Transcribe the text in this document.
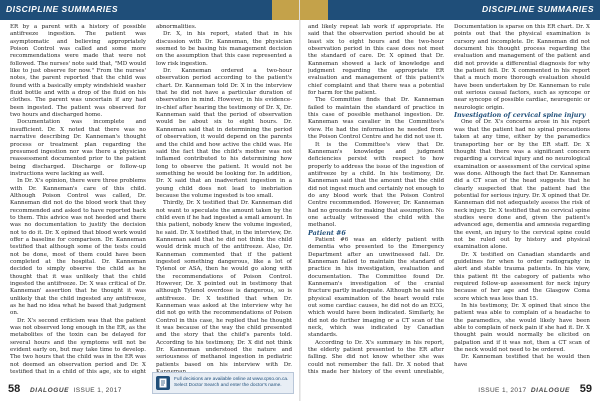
DISCIPLINE SUMMARIES

ER by a parent with a history of possible antifreeze ingestion. The patient was asymptomatic and believing appropriately Poison Control was called and some more recommendations were made that were not followed. The nurses' note said that, "MD would like to just observe for now." From the nurses' notes, the parent reported that the child was found with a basically empty windshield washer fluid bottle and with a drop of the fluid on his clothes. The parent was uncertain if any had been ingested. The patient was observed for two hours and discharged home.

Documentation was incomplete and insufficient. Dr. X noted that there was no narrative describing Dr. Kanneman's thought process or treatment plan regarding the presumed ingestion nor was there a physician reassessment documented prior to the patient being discharged. Discharge or follow-up instructions were lacking as well.

In Dr. X's opinion, there were three problems with Dr. Kanneman's care of this child. Although Poison Control was called, Dr. Kanneman did not do the blood work that they recommended and asked to have reported back to them. This advice was not heeded and there was no documentation to justify the decision not to do it. Dr. X opined that blood work would offer a baseline for comparison. Dr. Kanneman testified that although some of the tests could not be done, most of them could have been completed at the hospital. Dr. Kanneman decided to simply observe the child as he thought that it was unlikely that the child ingested the antifreeze. Dr. X was critical of Dr. Kanneman' assertion that he thought it was unlikely that the child ingested any antifreeze, as he had no idea what he based that judgment on.

Dr. X's second criticism was that the patient was not observed long enough in the ER, as the metabolites of the toxin can be delayed for several hours and the symptoms will not be evident early on, but may take time to develop. The two hours that the child was in the ER was not deemed an observation period and Dr. X testified that in a child of this age, six to eight

abnormalities.

Dr. X, in his report, stated that in his discussion with Dr. Kanneman, the physician seemed to be basing his management decision on the assumption that this case represented a low risk ingestion.

Dr. Kanneman ordered a two-hour observation period according to the patient's chart. Dr. Kanneman told Dr. X in the interview that he did not have a particular duration of observation in mind. However, in his evidence-in-chief after hearing the testimony of Dr. X, Dr. Kanneman said that the period of observation would be about six to eight hours. Dr. Kanneman said that in determining the period of observation, it would depend on the parents and the child and how active the child was. He said the fact that the child's mother was not inflamed contributed to his determining how long to observe the patient. It would not be something he would be looking for. In addition, Dr. X said that an inadvertent ingestion in a young child does not lead to inebriation because the volume ingested is too small.

Thirdly, Dr. X testified that Dr. Kanneman did not want to speculate the amount taken by the child even if he had ingested a small amount. In this patient, nobody knew the volume ingested, he said. Dr. X testified that, in the interview, Dr. Kanneman said that he did not think the child would drink much of the antifreeze. Also, Dr. Kanneman commented that if the patient ingested something dangerous, like a lot of Tylenol or ASA, then he would go along with the recommendations of Poison Control. However, Dr. X pointed out in testimony that although Tylenol overdose is dangerous, so is antifreeze. Dr. X testified that when Dr. Kanneman was asked at the interview why he did not go with the recommendations of Poison Control in this case, he replied that he thought it was because of the way the child presented and the story that the child's parents told. According to his testimony, Dr. X did not think Dr. Kanneman understood the nature and seriousness of methanol ingestion in pediatric patients based on his interview with Dr.

58 DIALOGUE ISSUE 1, 2017
DISCIPLINE SUMMARIES

and likely repeat lab work if appropriate. He said that the observation period should be at least six to eight hours and the two-hour observation period in this case does not meet the standard of care. Dr. X opined that Dr. Kanneman showed a lack of knowledge and judgment regarding the appropriate ER evaluation and management of this patient's chief complaint and that there was a potential for harm for the patient.

The Committee finds that Dr. Kanneman failed to maintain the standard of practice in this case of possible methanol ingestion. Dr. Kanneman was cavalier in the Committee's view. He had the information he needed from the Poison Control Centre and he did not use it.

It is the Committee's view that Dr. Kanneman's knowledge and judgment deficiencies persist with respect to how properly to address the issue of the ingestion of antifreeze by a child. In his testimony, Dr. Kanneman said that the amount that the child did not ingest much and certainly not enough to do any blood work that the Poison Control Centre recommended. However, Dr. Kanneman had no grounds for making that assumption. No one actually witnessed the child with the methanol.

Patient #6

Patient #6 was an elderly patient with dementia who presented to the Emergency Department after an unwitnessed fall. Dr. Kanneman failed to maintain the standard of practice in his investigation, evaluation and documentation. The Committee found Dr. Kanneman's investigation of the cranial fracture partly inadequate. Although he said his physical examination of the heart would rule out some cardiac causes, he did not do an ECG, which would have been indicated. Similarly, he did not do further imaging or a CT scan of the neck, which was indicated by Canadian standards.

According to Dr. X's summary in his report, the elderly patient presented to the ER after falling. She did not know whether she was could not remember the fall. Dr. X noted that this made her history of the event unreliable,

Documentation is sparse on this ER chart. Dr. X points out that the physical examination is cursory and incomplete. Dr. Kanneman did not document his thought process regarding the evaluation and management of the patient and did not provide a differential diagnosis for why the patient fell. Dr. X commented in his report that a much more thorough evaluation should have been undertaken by Dr. Kanneman to rule out serious causal factors, such as syncope or near syncope of possible cardiac, neurogenic or neurologic origin.

Investigation of cervical spine injury

One of Dr. X's concerns arose in his report was that the patient had no spinal precautions taken at any time, either by the paramedics transporting her or by the ER staff. Dr. X thought that there was a significant concern regarding a cervical injury and no neurological examination or assessment of the cervical spine was done. Although the fact that Dr. Kanneman did a CT scan of the head suggests that he clearly suspected that the patient had the potential for serious injury. Dr. X opined that Dr. Kanneman did not adequately assess the risk of neck injury. Dr. X testified that no cervical spine studies were done and, given the patient's advanced age, dementia and amnesia regarding the event, an injury to the cervical spine could not be ruled out by history and physical examination alone.

Dr. X testified on Canadian standards and guidelines for when to order radiography in alert and stable trauma patients. In his view, this patient fit the category of patients who required follow-up assessment for neck injury because of her age and the Glasgow Coma score which was less than 15.

In his testimony, Dr. X opined that since the patient was able to complain of a headache to the paramedics, she would likely have been able to complain of neck pain if she had it. Dr. X thought pain would normally be elicited on palpation and if it was not, then a CT scan of the neck would not need to be ordered.

Dr. Kanneman testified that he would then have

ISSUE 1, 2017 DIALOGUE 59
Full decisions are available online at www.cpso.on.ca. Select Doctor Search and enter the doctor's name.
